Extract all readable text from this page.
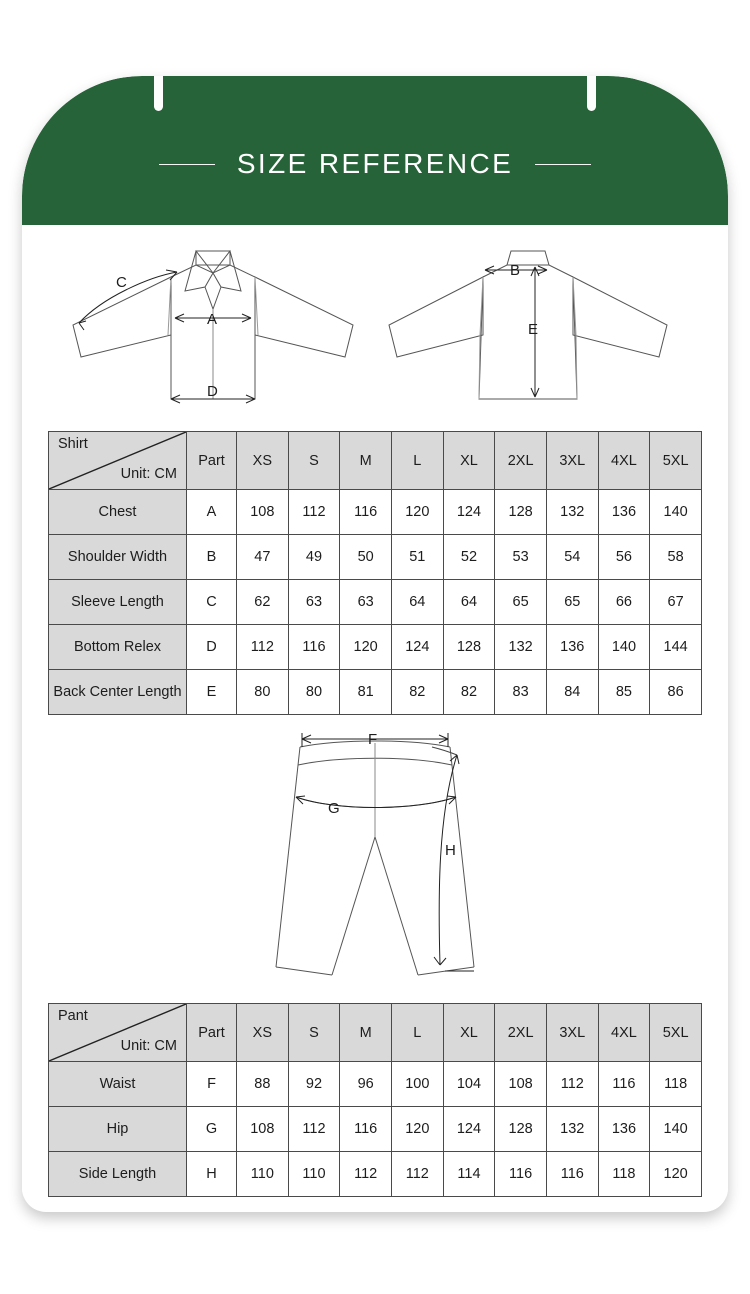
SIZE REFERENCE
C
A
D
B
E
Shirt
Unit: CM	Part	XS	S	M	L	XL	2XL	3XL	4XL	5XL
Chest	A	108	112	116	120	124	128	132	136	140
Shoulder Width	B	47	49	50	51	52	53	54	56	58
Sleeve Length	C	62	63	63	64	64	65	65	66	67
Bottom Relex	D	112	116	120	124	128	132	136	140	144
Back Center Length	E	80	80	81	82	82	83	84	85	86
F
G
H
Pant
Unit: CM	Part	XS	S	M	L	XL	2XL	3XL	4XL	5XL
Waist	F	88	92	96	100	104	108	112	116	118
Hip	G	108	112	116	120	124	128	132	136	140
Side Length	H	110	110	112	112	114	116	116	118	120
